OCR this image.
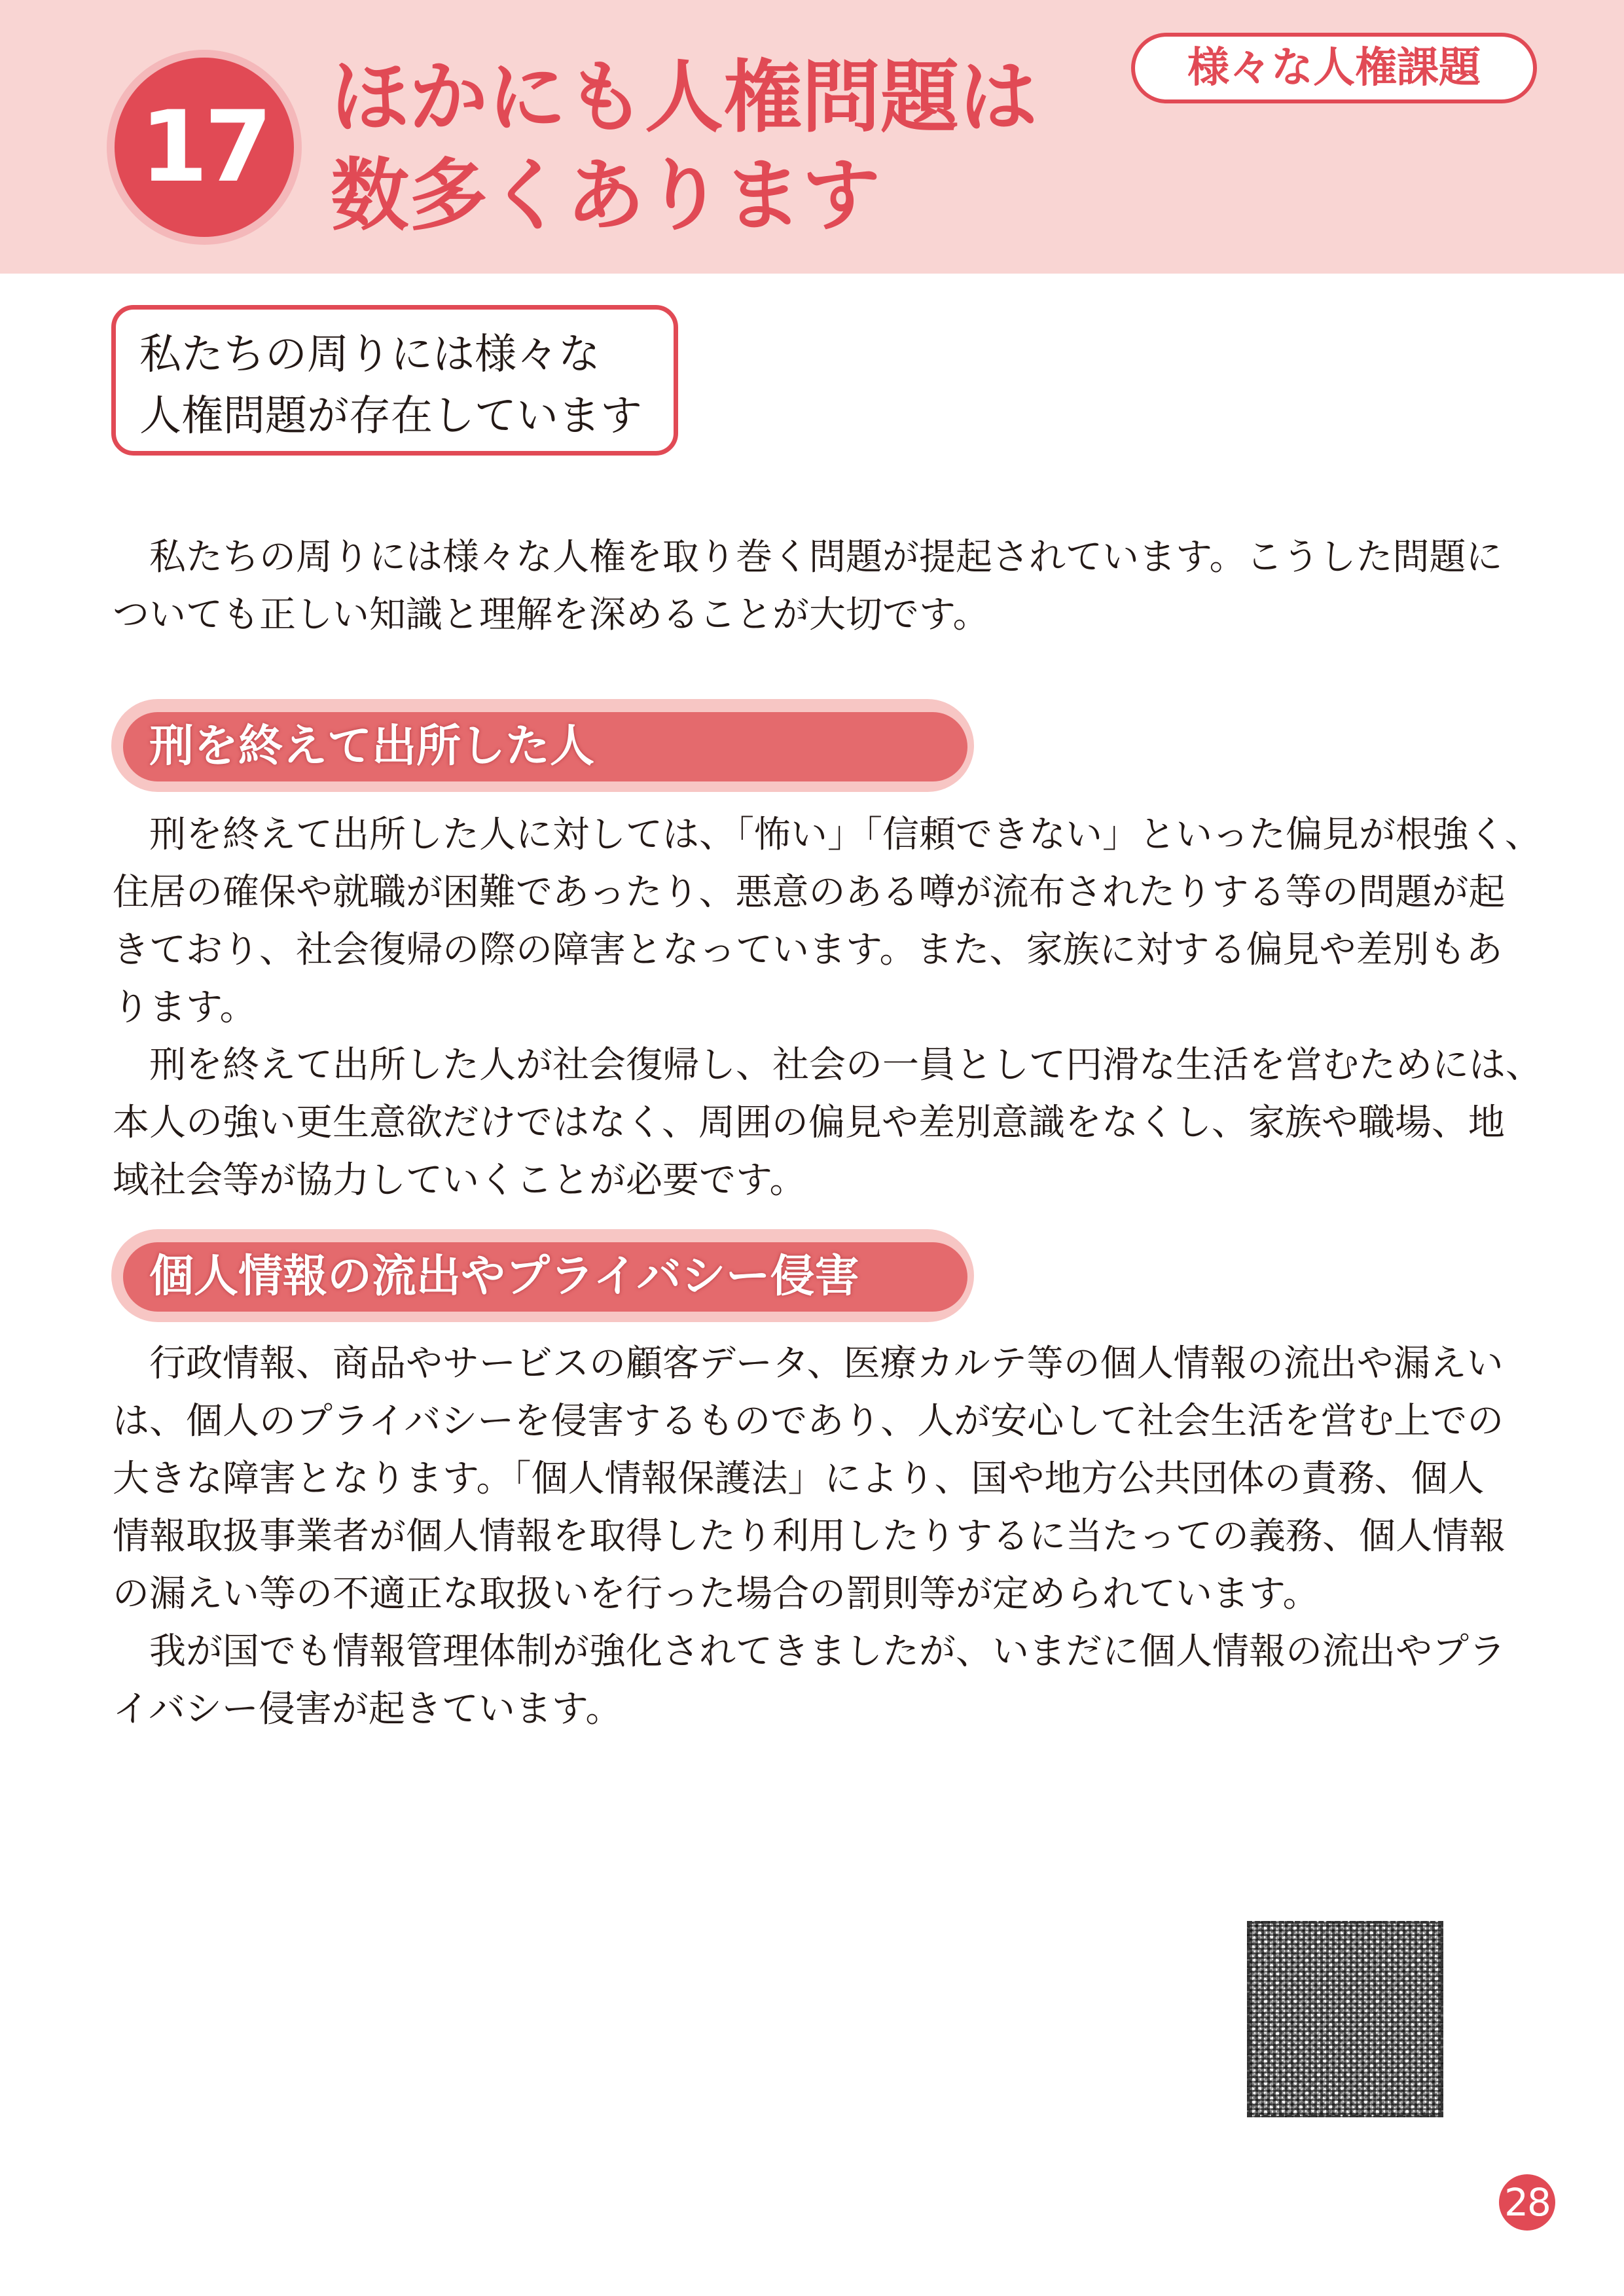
17 ほかにも人権問題は
数多くあります
様々な人権課題
私たちの周りには様々な
人権問題が存在しています
　私たちの周りには様々な人権を取り巻く問題が提起されています。こうした問題に
ついても正しい知識と理解を深めることが大切です。
刑を終えて出所した人
　刑を終えて出所した人に対しては、「怖い」「信頼できない」といった偏見が根強く、
住居の確保や就職が困難であったり、悪意のある噂が流布されたりする等の問題が起
きており、社会復帰の際の障害となっています。また、家族に対する偏見や差別もあ
ります。
　刑を終えて出所した人が社会復帰し、社会の一員として円滑な生活を営むためには、
本人の強い更生意欲だけではなく、周囲の偏見や差別意識をなくし、家族や職場、地
域社会等が協力していくことが必要です。
個人情報の流出やプライバシー侵害
　行政情報、商品やサービスの顧客データ、医療カルテ等の個人情報の流出や漏えい
は、個人のプライバシーを侵害するものであり、人が安心して社会生活を営む上での
大きな障害となります。「個人情報保護法」により、国や地方公共団体の責務、個人
情報取扱事業者が個人情報を取得したり利用したりするに当たっての義務、個人情報
の漏えい等の不適正な取扱いを行った場合の罰則等が定められています。
　我が国でも情報管理体制が強化されてきましたが、いまだに個人情報の流出やプラ
イバシー侵害が起きています。
28
